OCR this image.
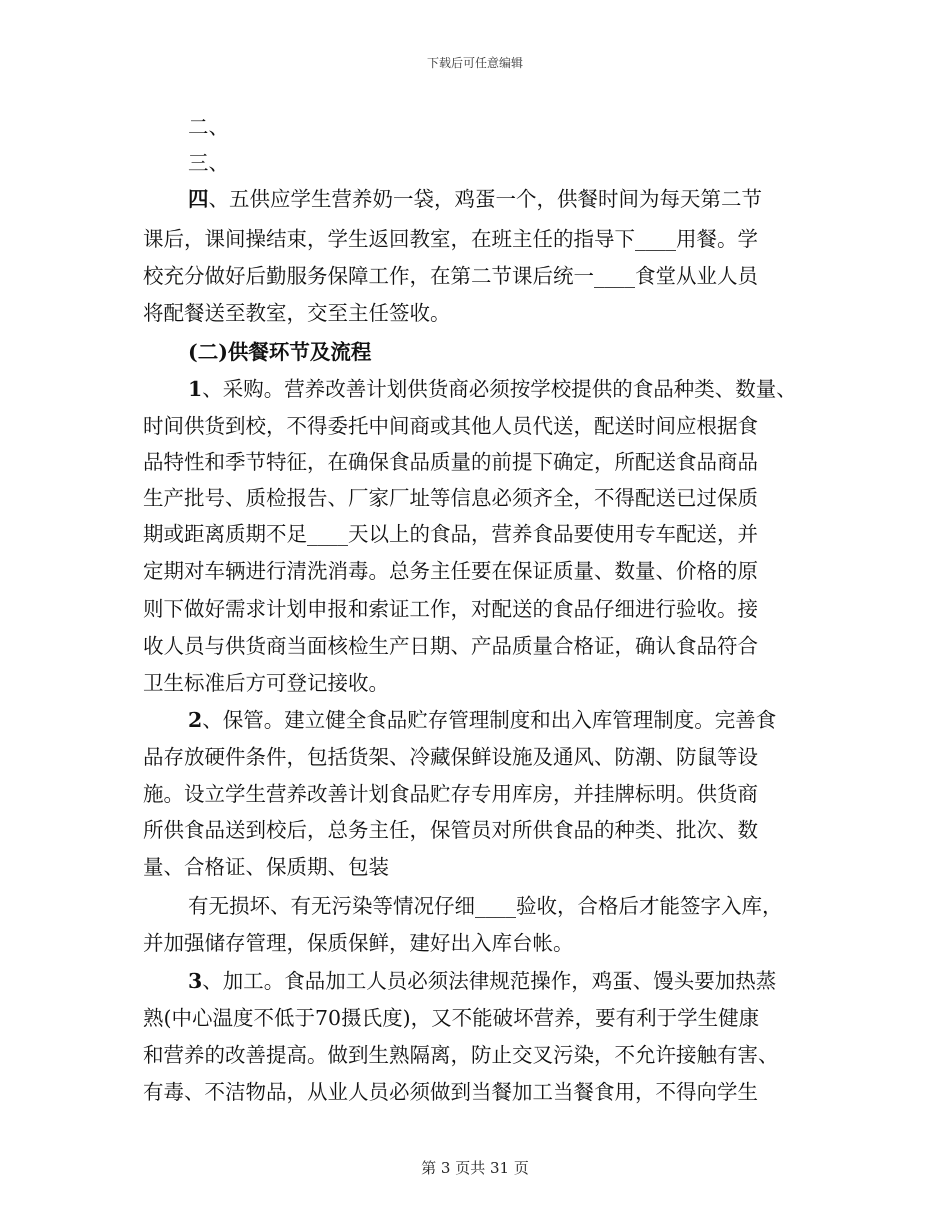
下载后可任意编辑
二、
三、
四、五供应学生营养奶一袋，鸡蛋一个，供餐时间为每天第二节
课后，课间操结束，学生返回教室，在班主任的指导下____用餐。学
校充分做好后勤服务保障工作，在第二节课后统一____食堂从业人员
将配餐送至教室，交至主任签收。
(二)供餐环节及流程
1、采购。营养改善计划供货商必须按学校提供的食品种类、数量、
时间供货到校，不得委托中间商或其他人员代送，配送时间应根据食
品特性和季节特征，在确保食品质量的前提下确定，所配送食品商品
生产批号、质检报告、厂家厂址等信息必须齐全，不得配送已过保质
期或距离质期不足____天以上的食品，营养食品要使用专车配送，并
定期对车辆进行清洗消毒。总务主任要在保证质量、数量、价格的原
则下做好需求计划申报和索证工作，对配送的食品仔细进行验收。接
收人员与供货商当面核检生产日期、产品质量合格证，确认食品符合
卫生标准后方可登记接收。
2、保管。建立健全食品贮存管理制度和出入库管理制度。完善食
品存放硬件条件，包括货架、冷藏保鲜设施及通风、防潮、防鼠等设
施。设立学生营养改善计划食品贮存专用库房，并挂牌标明。供货商
所供食品送到校后，总务主任，保管员对所供食品的种类、批次、数
量、合格证、保质期、包装
有无损坏、有无污染等情况仔细____验收，合格后才能签字入库，
并加强储存管理，保质保鲜，建好出入库台帐。
3、加工。食品加工人员必须法律规范操作，鸡蛋、馒头要加热蒸
熟(中心温度不低于70摄氏度)，又不能破坏营养，要有利于学生健康
和营养的改善提高。做到生熟隔离，防止交叉污染，不允许接触有害、
有毒、不洁物品，从业人员必须做到当餐加工当餐食用，不得向学生
第 3 页共 31 页
